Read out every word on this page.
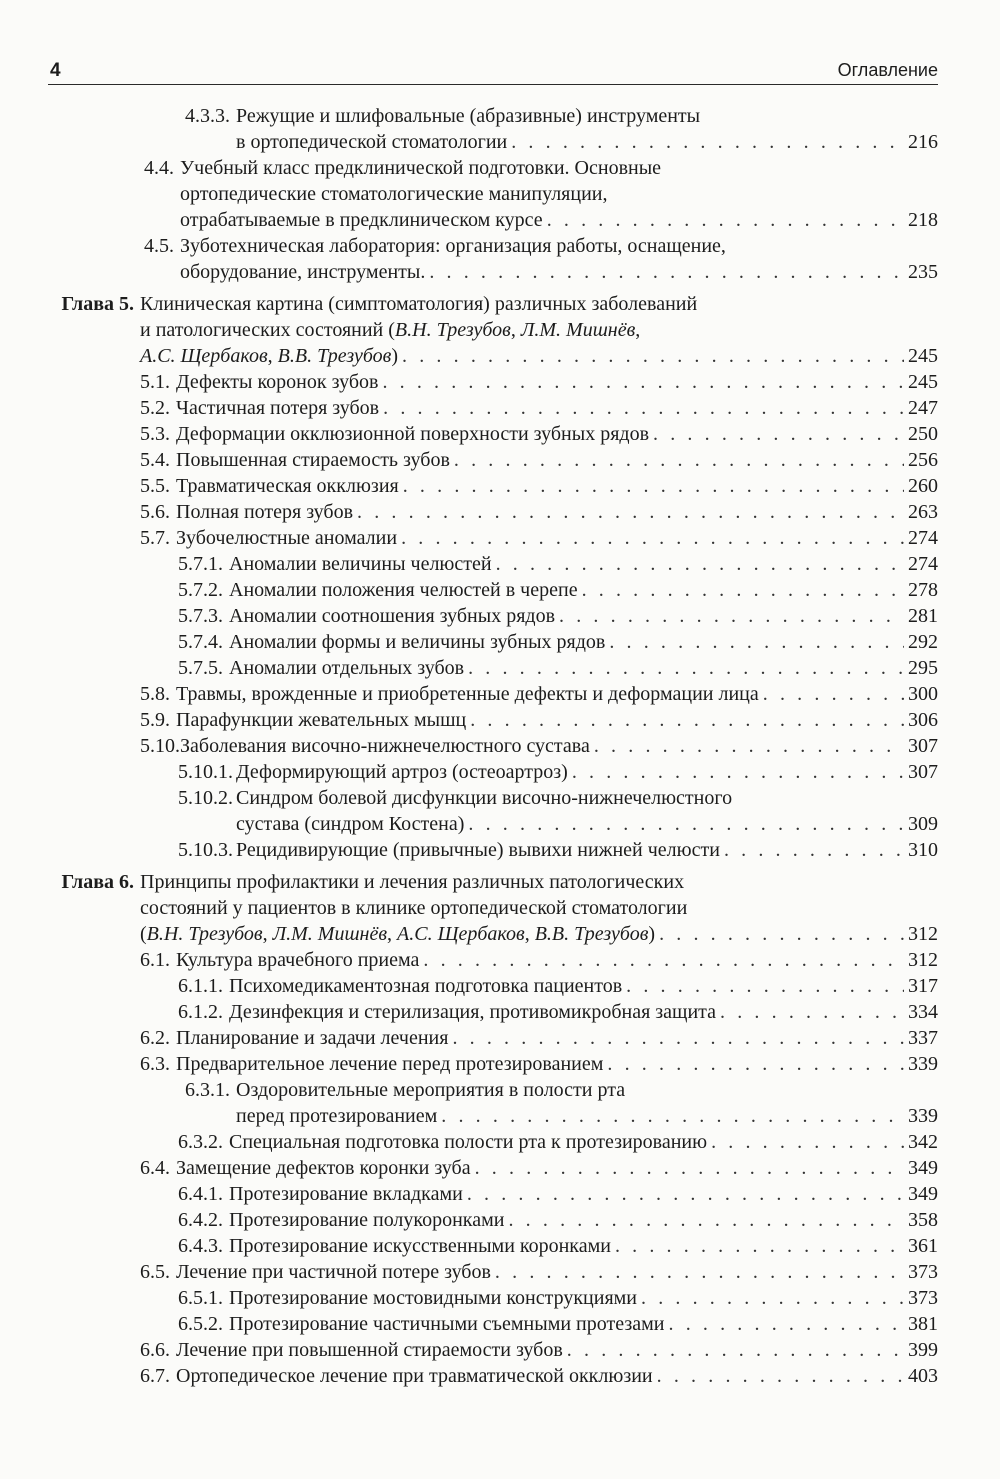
4	Оглавление
4.3.3. Режущие и шлифовальные (абразивные) инструменты
в ортопедической стоматологии . . .	216
4.4. Учебный класс предклинической подготовки. Основные
ортопедические стоматологические манипуляции,
отрабатываемые в предклиническом курсе . . .	218
4.5. Зуботехническая лаборатория: организация работы, оснащение,
оборудование, инструменты. . . .	235
Глава 5. Клиническая картина (симптоматология) различных заболеваний
и патологических состояний (В.Н. Трезубов, Л.М. Мишнёв,
А.С. Щербаков, В.В. Трезубов) . . .	245
5.1. Дефекты коронок зубов . . .	245
5.2. Частичная потеря зубов . . .	247
5.3. Деформации окклюзионной поверхности зубных рядов . . .	250
5.4. Повышенная стираемость зубов . . .	256
5.5. Травматическая окклюзия . . .	260
5.6. Полная потеря зубов . . .	263
5.7. Зубочелюстные аномалии . . .	274
5.7.1. Аномалии величины челюстей . . .	274
5.7.2. Аномалии положения челюстей в черепе . . .	278
5.7.3. Аномалии соотношения зубных рядов . . .	281
5.7.4. Аномалии формы и величины зубных рядов . . .	292
5.7.5. Аномалии отдельных зубов . . .	295
5.8. Травмы, врожденные и приобретенные дефекты и деформации лица . . .	300
5.9. Парафункции жевательных мышц . . .	306
5.10. Заболевания височно-нижнечелюстного сустава . . .	307
5.10.1. Деформирующий артроз (остеоартроз) . . .	307
5.10.2. Синдром болевой дисфункции височно-нижнечелюстного
сустава (синдром Костена) . . .	309
5.10.3. Рецидивирующие (привычные) вывихи нижней челюсти . . .	310
Глава 6. Принципы профилактики и лечения различных патологических
состояний у пациентов в клинике ортопедической стоматологии
(В.Н. Трезубов, Л.М. Мишнёв, А.С. Щербаков, В.В. Трезубов) . . .	312
6.1. Культура врачебного приема . . .	312
6.1.1. Психомедикаментозная подготовка пациентов . . .	317
6.1.2. Дезинфекция и стерилизация, противомикробная защита . . .	334
6.2. Планирование и задачи лечения . . .	337
6.3. Предварительное лечение перед протезированием . . .	339
6.3.1. Оздоровительные мероприятия в полости рта
перед протезированием . . .	339
6.3.2. Специальная подготовка полости рта к протезированию . . .	342
6.4. Замещение дефектов коронки зуба . . .	349
6.4.1. Протезирование вкладками . . .	349
6.4.2. Протезирование полукоронками . . .	358
6.4.3. Протезирование искусственными коронками . . .	361
6.5. Лечение при частичной потере зубов . . .	373
6.5.1. Протезирование мостовидными конструкциями . . .	373
6.5.2. Протезирование частичными съемными протезами . . .	381
6.6. Лечение при повышенной стираемости зубов . . .	399
6.7. Ортопедическое лечение при травматической окклюзии . . .	403
